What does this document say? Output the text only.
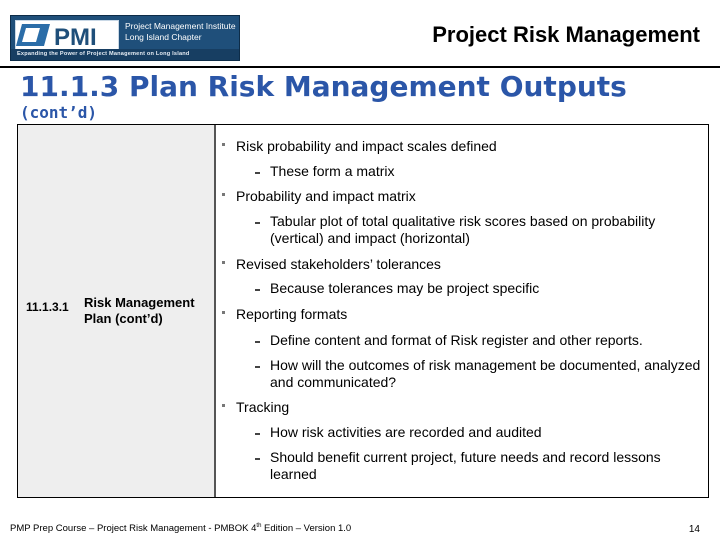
PMI	Project Management Institute
Long Island Chapter
Expanding the Power of Project Management on Long Island
Project Risk Management
11.1.3 Plan Risk Management Outputs
(cont’d)
11.1.3.1 Risk Management Plan (cont’d)
Risk probability and impact scales defined
These form a matrix
Probability and impact matrix
Tabular plot of total qualitative risk scores based on probability (vertical) and impact (horizontal)
Revised stakeholders’ tolerances
Because tolerances may be project specific
Reporting formats
Define content and format of Risk register and other reports.
How will the outcomes of risk management be documented, analyzed and communicated?
Tracking
How risk activities are recorded and audited
Should benefit current project, future needs and record lessons learned
PMP Prep Course – Project Risk Management - PMBOK 4th Edition – Version 1.0	14
